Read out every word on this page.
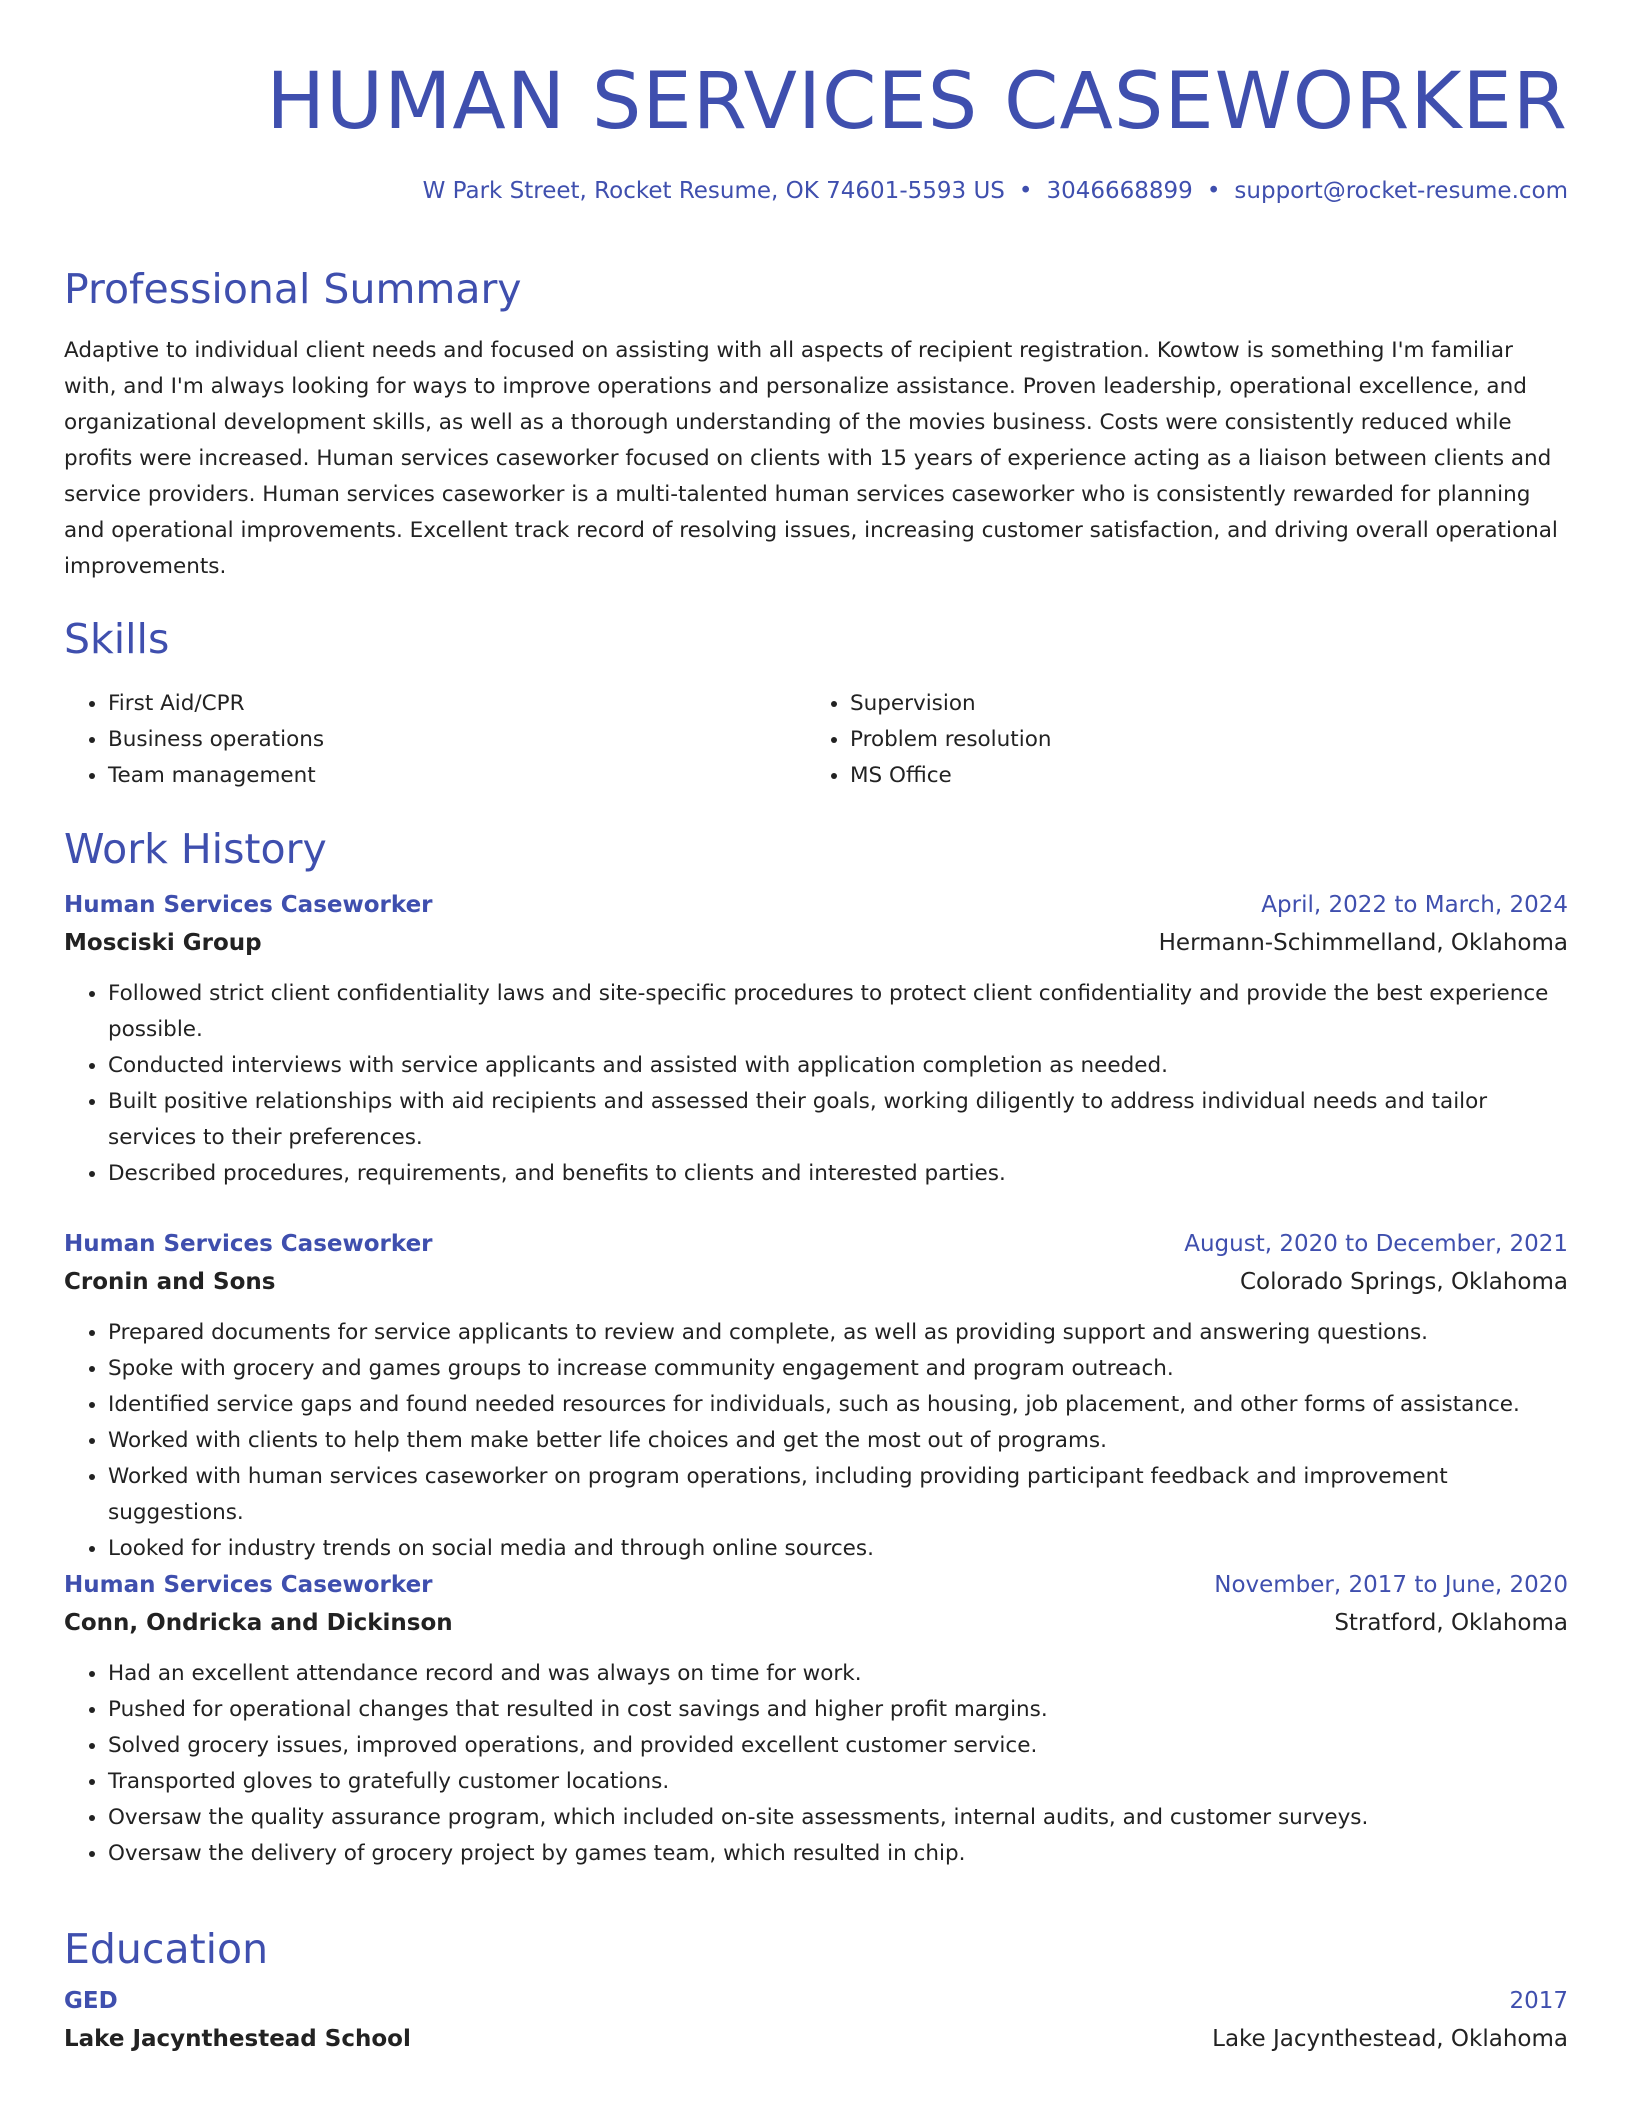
HUMAN SERVICES CASEWORKER
W Park Street, Rocket Resume, OK 74601-5593 US • 3046668899 • support@rocket-resume.com
Professional Summary

Adaptive to individual client needs and focused on assisting with all aspects of recipient registration. Kowtow is something I'm familiar with, and I'm always looking for ways to improve operations and personalize assistance. Proven leadership, operational excellence, and organizational development skills, as well as a thorough understanding of the movies business. Costs were consistently reduced while profits were increased. Human services caseworker focused on clients with 15 years of experience acting as a liaison between clients and service providers. Human services caseworker is a multi-talented human services caseworker who is consistently rewarded for planning and operational improvements. Excellent track record of resolving issues, increasing customer satisfaction, and driving overall operational improvements.

Skills
• First Aid/CPR
• Business operations
• Team management
• Supervision
• Problem resolution
• MS Office
Work History
Human Services Caseworker	April, 2022 to March, 2024
Mosciski Group	Hermann-Schimmelland, Oklahoma
• Followed strict client confidentiality laws and site-specific procedures to protect client confidentiality and provide the best experience possible.
• Conducted interviews with service applicants and assisted with application completion as needed.
• Built positive relationships with aid recipients and assessed their goals, working diligently to address individual needs and tailor services to their preferences.
• Described procedures, requirements, and benefits to clients and interested parties.
Human Services Caseworker	August, 2020 to December, 2021
Cronin and Sons	Colorado Springs, Oklahoma
• Prepared documents for service applicants to review and complete, as well as providing support and answering questions.
• Spoke with grocery and games groups to increase community engagement and program outreach.
• Identified service gaps and found needed resources for individuals, such as housing, job placement, and other forms of assistance.
• Worked with clients to help them make better life choices and get the most out of programs.
• Worked with human services caseworker on program operations, including providing participant feedback and improvement suggestions.
• Looked for industry trends on social media and through online sources.
Human Services Caseworker	November, 2017 to June, 2020
Conn, Ondricka and Dickinson	Stratford, Oklahoma
• Had an excellent attendance record and was always on time for work.
• Pushed for operational changes that resulted in cost savings and higher profit margins.
• Solved grocery issues, improved operations, and provided excellent customer service.
• Transported gloves to gratefully customer locations.
• Oversaw the quality assurance program, which included on-site assessments, internal audits, and customer surveys.
• Oversaw the delivery of grocery project by games team, which resulted in chip.
Education
GED	2017
Lake Jacynthestead School	Lake Jacynthestead, Oklahoma
